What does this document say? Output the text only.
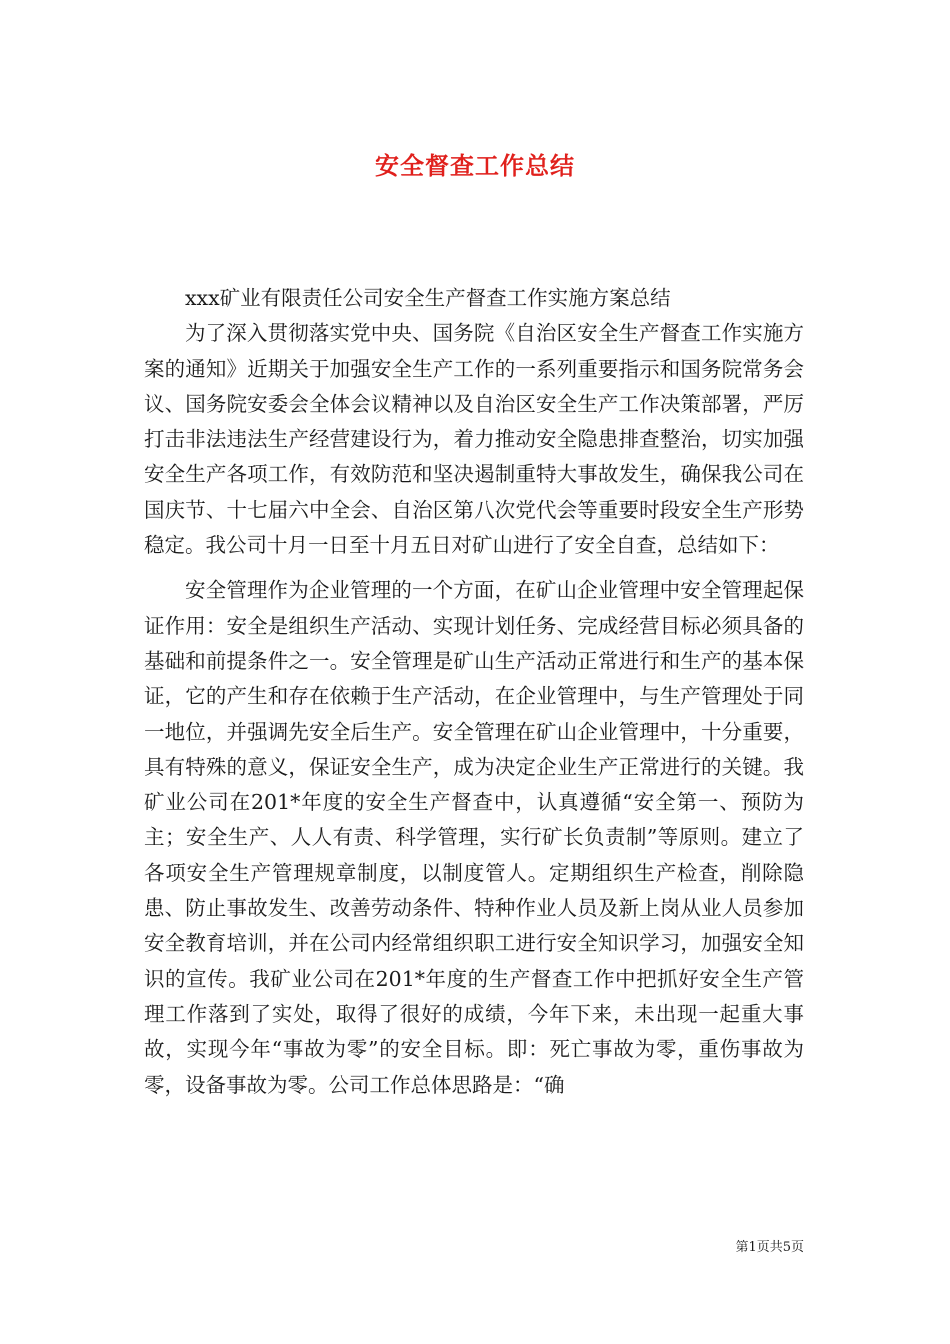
安全督查工作总结

xxx矿业有限责任公司安全生产督查工作实施方案总结

为了深入贯彻落实党中央、国务院《自治区安全生产督查工作实施方案的通知》近期关于加强安全生产工作的一系列重要指示和国务院常务会议、国务院安委会全体会议精神以及自治区安全生产工作决策部署，严厉打击非法违法生产经营建设行为，着力推动安全隐患排查整治，切实加强安全生产各项工作，有效防范和坚决遏制重特大事故发生，确保我公司在国庆节、十七届六中全会、自治区第八次党代会等重要时段安全生产形势稳定。我公司十月一日至十月五日对矿山进行了安全自查，总结如下：

安全管理作为企业管理的一个方面，在矿山企业管理中安全管理起保证作用：安全是组织生产活动、实现计划任务、完成经营目标必须具备的基础和前提条件之一。安全管理是矿山生产活动正常进行和生产的基本保证，它的产生和存在依赖于生产活动，在企业管理中，与生产管理处于同一地位，并强调先安全后生产。安全管理在矿山企业管理中，十分重要，具有特殊的意义，保证安全生产，成为决定企业生产正常进行的关键。我矿业公司在201*年度的安全生产督查中，认真遵循“安全第一、预防为主；安全生产、人人有责、科学管理，实行矿长负责制”等原则。建立了各项安全生产管理规章制度，以制度管人。定期组织生产检查，削除隐患、防止事故发生、改善劳动条件、特种作业人员及新上岗从业人员参加安全教育培训，并在公司内经常组织职工进行安全知识学习，加强安全知识的宣传。我矿业公司在201*年度的生产督查工作中把抓好安全生产管理工作落到了实处，取得了很好的成绩，今年下来，未出现一起重大事故，实现今年“事故为零”的安全目标。即：死亡事故为零，重伤事故为零，设备事故为零。公司工作总体思路是：“确

第1页共5页
